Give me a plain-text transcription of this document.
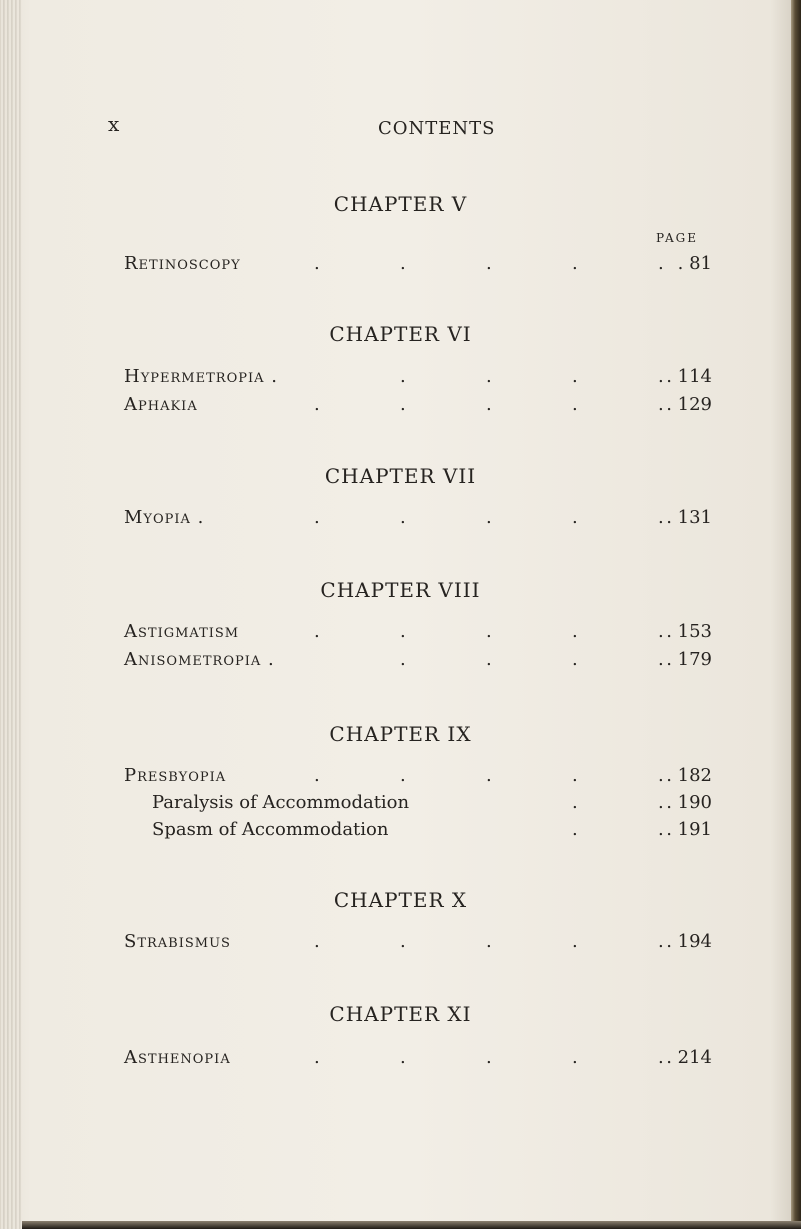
x	CONTENTS
PAGE
CHAPTER V
Retinoscopy	.	.	.	.	. . 81
CHAPTER VI
Hypermetropia .	.	.	.	. . 114
Aphakia	.	.	.	.	. . 129
CHAPTER VII
Myopia .	.	.	.	.	. . 131
CHAPTER VIII
Astigmatism	.	.	.	.	. . 153
Anisometropia .	.	.	.	. . 179
CHAPTER IX
Presbyopia	.	.	.	.	. . 182
Paralysis of Accommodation	.	. . 190
Spasm of Accommodation	.	. . 191
CHAPTER X
Strabismus	.	.	.	.	. . 194
CHAPTER XI
Asthenopia	.	.	.	.	. . 214
